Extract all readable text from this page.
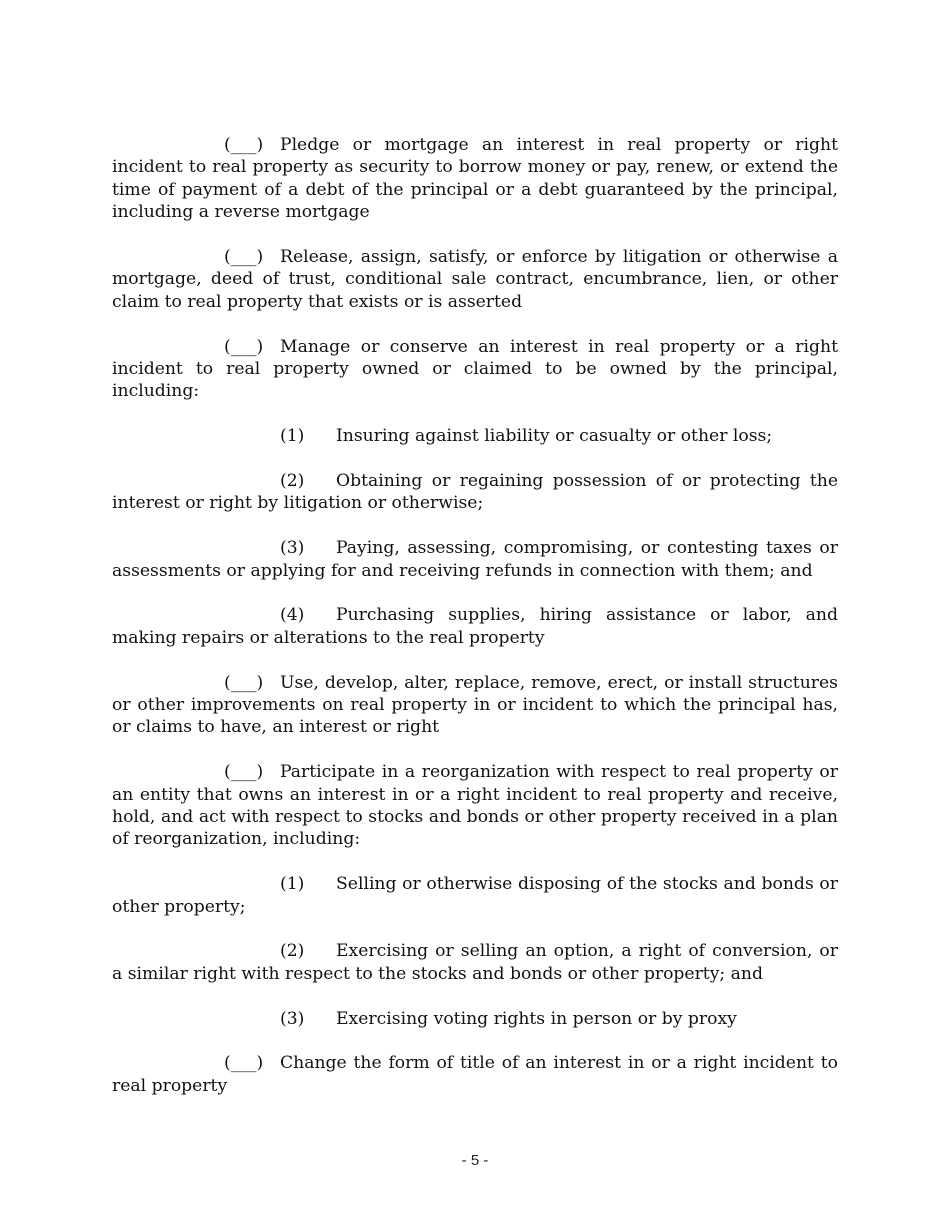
(___) Pledge or mortgage an interest in real property or right incident to real property as security to borrow money or pay, renew, or extend the time of payment of a debt of the principal or a debt guaranteed by the principal, including a reverse mortgage

(___) Release, assign, satisfy, or enforce by litigation or otherwise a mortgage, deed of trust, conditional sale contract, encumbrance, lien, or other claim to real property that exists or is asserted

(___) Manage or conserve an interest in real property or a right incident to real property owned or claimed to be owned by the principal, including:

(1) Insuring against liability or casualty or other loss;

(2) Obtaining or regaining possession of or protecting the interest or right by litigation or otherwise;

(3) Paying, assessing, compromising, or contesting taxes or assessments or applying for and receiving refunds in connection with them; and

(4) Purchasing supplies, hiring assistance or labor, and making repairs or alterations to the real property

(___) Use, develop, alter, replace, remove, erect, or install structures or other improvements on real property in or incident to which the principal has, or claims to have, an interest or right

(___) Participate in a reorganization with respect to real property or an entity that owns an interest in or a right incident to real property and receive, hold, and act with respect to stocks and bonds or other property received in a plan of reorganization, including:

(1) Selling or otherwise disposing of the stocks and bonds or other property;

(2) Exercising or selling an option, a right of conversion, or a similar right with respect to the stocks and bonds or other property; and

(3) Exercising voting rights in person or by proxy

(___) Change the form of title of an interest in or a right incident to real property

- 5 -
